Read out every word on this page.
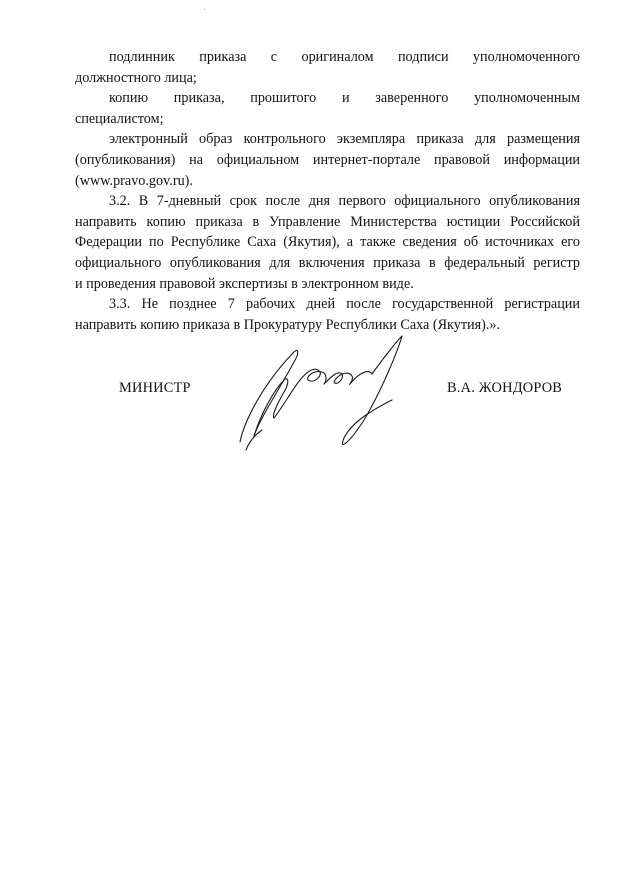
подлинник приказа с оригиналом подписи уполномоченного
должностного лица;

копию приказа, прошитого и заверенного уполномоченным
специалистом;

электронный образ контрольного экземпляра приказа для размещения
(опубликования) на официальном интернет-портале правовой информации
(www.pravo.gov.ru).

3.2. В 7-дневный срок после дня первого официального опубликования
направить копию приказа в Управление Министерства юстиции Российской
Федерации по Республике Саха (Якутия), а также сведения об источниках его
официального опубликования для включения приказа в федеральный регистр
и проведения правовой экспертизы в электронном виде.

3.3. Не позднее 7 рабочих дней после государственной регистрации
направить копию приказа в Прокуратуру Республики Саха (Якутия).».

МИНИСТР	В.А. ЖОНДОРОВ
